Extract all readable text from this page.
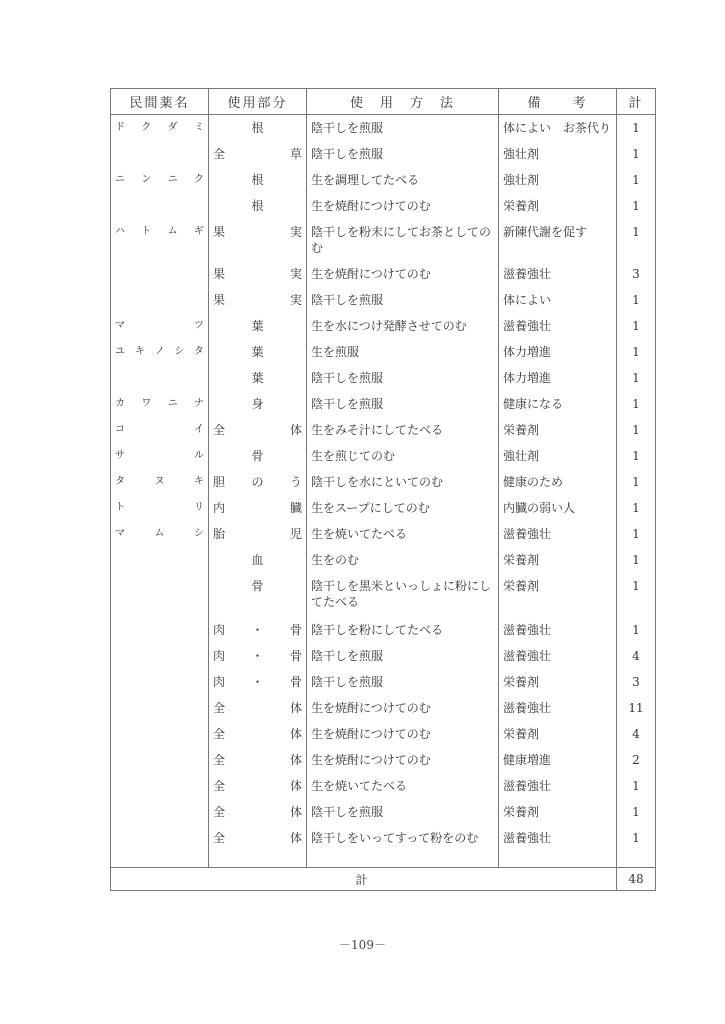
民間薬名	使用部分	使　用　方　法	備　　考	計
ドクダミ	根	陰干しを煎服	体によい　お茶代り	1
	全草	陰干しを煎服	強壮剤	1
ニンニク	根	生を調理してたべる	強壮剤	1
	根	生を焼酎につけてのむ	栄養剤	1
ハトムギ	果実	陰干しを粉末にしてお茶としてのむ	新陳代謝を促す	1
	果実	生を焼酎につけてのむ	滋養強壮	3
	果実	陰干しを煎服	体によい	1
マツ	葉	生を水につけ発酵させてのむ	滋養強壮	1
ユキノシタ	葉	生を煎服	体力増進	1
	葉	陰干しを煎服	体力増進	1
カワニナ	身	陰干しを煎服	健康になる	1
コイ	全体	生をみそ汁にしてたべる	栄養剤	1
サル	骨	生を煎じてのむ	強壮剤	1
タヌキ	胆のう	陰干しを水にといてのむ	健康のため	1
トリ	内臓	生をスープにしてのむ	内臓の弱い人	1
マムシ	胎児	生を焼いてたべる	滋養強壮	1
	血	生をのむ	栄養剤	1
	骨	陰干しを黒米といっしょに粉にしてたべる	栄養剤	1
	肉・骨	陰干しを粉にしてたべる	滋養強壮	1
	肉・骨	陰干しを煎服	滋養強壮	4
	肉・骨	陰干しを煎服	栄養剤	3
	全体	生を焼酎につけてのむ	滋養強壮	11
	全体	生を焼酎につけてのむ	栄養剤	4
	全体	生を焼酎につけてのむ	健康増進	2
	全体	生を焼いてたべる	滋養強壮	1
	全体	陰干しを煎服	栄養剤	1
	全体	陰干しをいってすって粉をのむ	滋養強壮	1

計				48
－109－
